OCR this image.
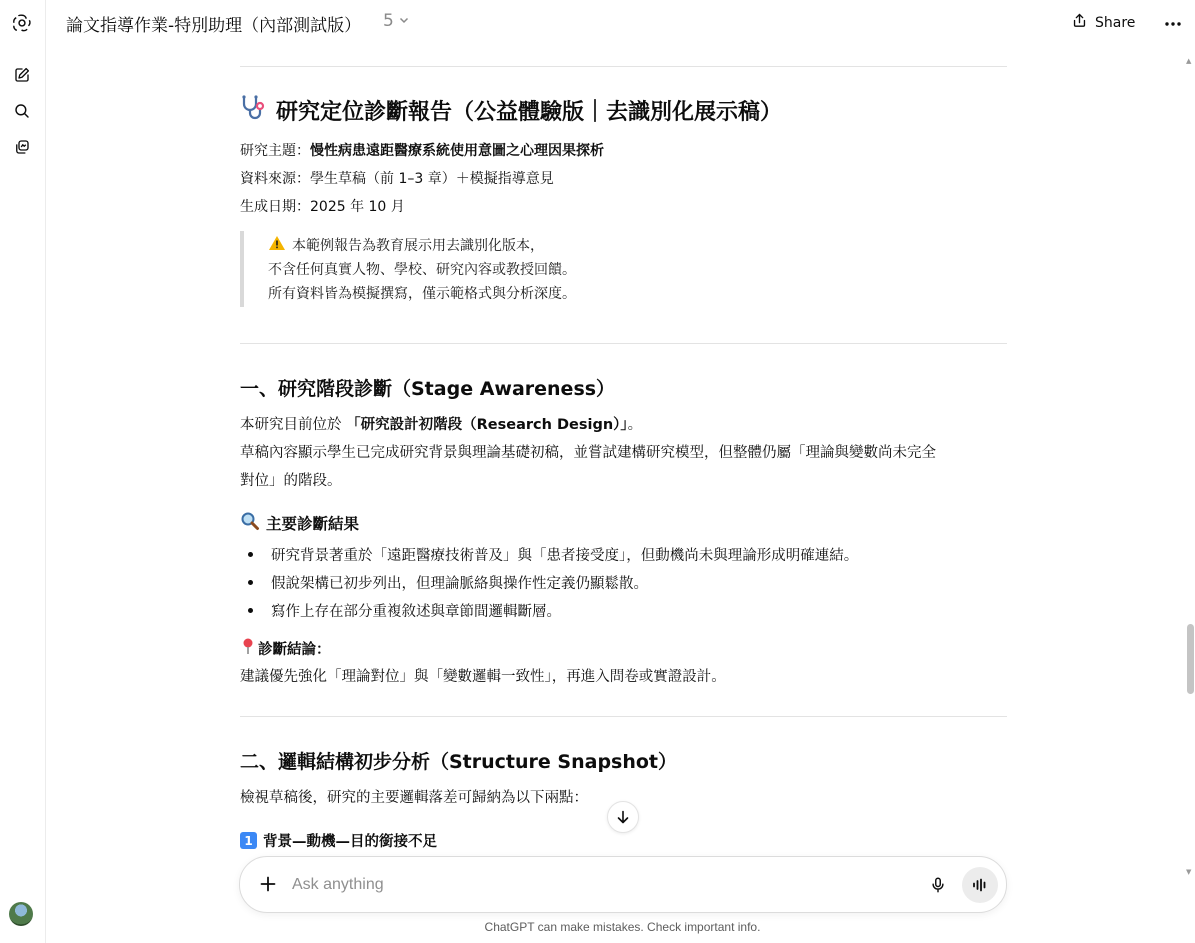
論文指導作業-特別助理（內部測試版） 5	Share
▲
▼
研究定位診斷報告（公益體驗版｜去識別化展示稿）
研究主題：慢性病患遠距醫療系統使用意圖之心理因果探析
資料來源：學生草稿（前 1–3 章）＋模擬指導意見
生成日期：2025 年 10 月
本範例報告為教育展示用去識別化版本，
不含任何真實人物、學校、研究內容或教授回饋。
所有資料皆為模擬撰寫，僅示範格式與分析深度。
一、研究階段診斷（Stage Awareness）
本研究目前位於 「研究設計初階段（Research Design）」。
草稿內容顯示學生已完成研究背景與理論基礎初稿，並嘗試建構研究模型，但整體仍屬「理論與變數尚未完全
對位」的階段。
主要診斷結果
研究背景著重於「遠距醫療技術普及」與「患者接受度」，但動機尚未與理論形成明確連結。
假說架構已初步列出，但理論脈絡與操作性定義仍顯鬆散。
寫作上存在部分重複敘述與章節間邏輯斷層。
診斷結論：
建議優先強化「理論對位」與「變數邏輯一致性」，再進入問卷或實證設計。
二、邏輯結構初步分析（Structure Snapshot）
檢視草稿後，研究的主要邏輯落差可歸納為以下兩點：
1 背景—動機—目的銜接不足
Ask anything
ChatGPT can make mistakes. Check important info.
